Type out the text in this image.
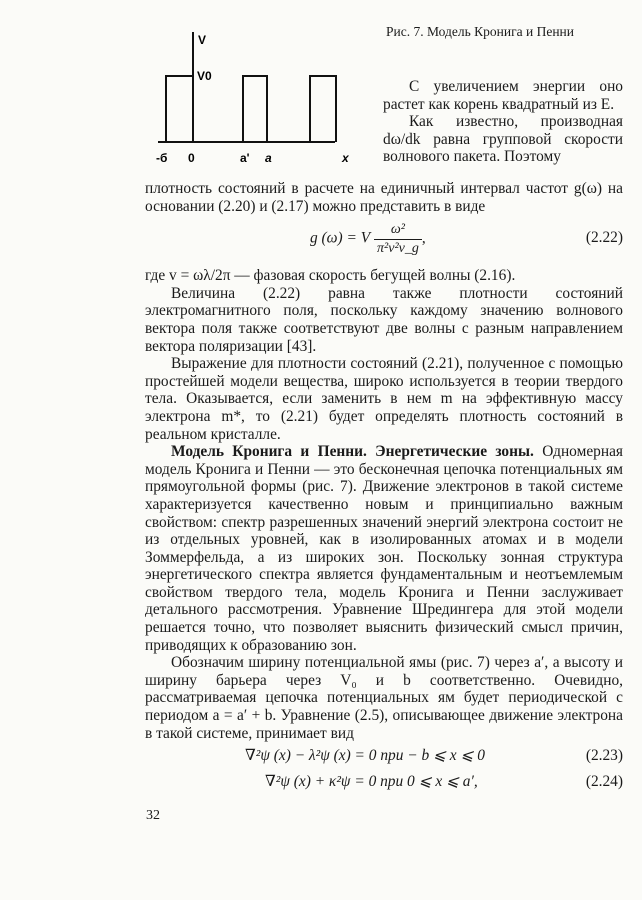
V
V0
-б 0	a' a	x
Рис. 7. Модель Кронига и Пенни

С увеличением энергии оно растет как корень квадратный из E.

Как известно, производная dω/dk равна групповой скорости волнового пакета. Поэтому

плотность состояний в расчете на единичный интервал частот g(ω) на основании (2.20) и (2.17) можно представить в виде

g (ω) = V $\frac{\text{ω²}}{\text{π²v²v\_g}}$ ,	(2.22)

где v = ωλ/2π — фазовая скорость бегущей волны (2.16).

Величина (2.22) равна также плотности состояний электромагнитного поля, поскольку каждому значению волнового вектора поля также соответствуют две волны с разным направлением вектора поляризации [43].

Выражение для плотности состояний (2.21), полученное с помощью простейшей модели вещества, широко используется в теории твердого тела. Оказывается, если заменить в нем m на эффективную массу электрона m*, то (2.21) будет определять плотность состояний в реальном кристалле.

Модель Кронига и Пенни. Энергетические зоны. Одномерная модель Кронига и Пенни — это бесконечная цепочка потенциальных ям прямоугольной формы (рис. 7). Движение электронов в такой системе характеризуется качественно новым и принципиально важным свойством: спектр разрешенных значений энергий электрона состоит не из отдельных уровней, как в изолированных атомах и в модели Зоммерфельда, а из широких зон. Поскольку зонная структура энергетического спектра является фундаментальным и неотъемлемым свойством твердого тела, модель Кронига и Пенни заслуживает детального рассмотрения. Уравнение Шредингера для этой модели решается точно, что позволяет выяснить физический смысл причин, приводящих к образованию зон.

Обозначим ширину потенциальной ямы (рис. 7) через a′, а высоту и ширину барьера через V₀ и b соответственно. Очевидно, рассматриваемая цепочка потенциальных ям будет периодической с периодом a = a′ + b. Уравнение (2.5), описывающее движение электрона в такой системе, принимает вид

∇²ψ (x) − λ²ψ (x) = 0 при − b ⩽ x ⩽ 0	(2.23)
∇²ψ (x) + κ²ψ = 0 при 0 ⩽ x ⩽ a′,	(2.24)
32
